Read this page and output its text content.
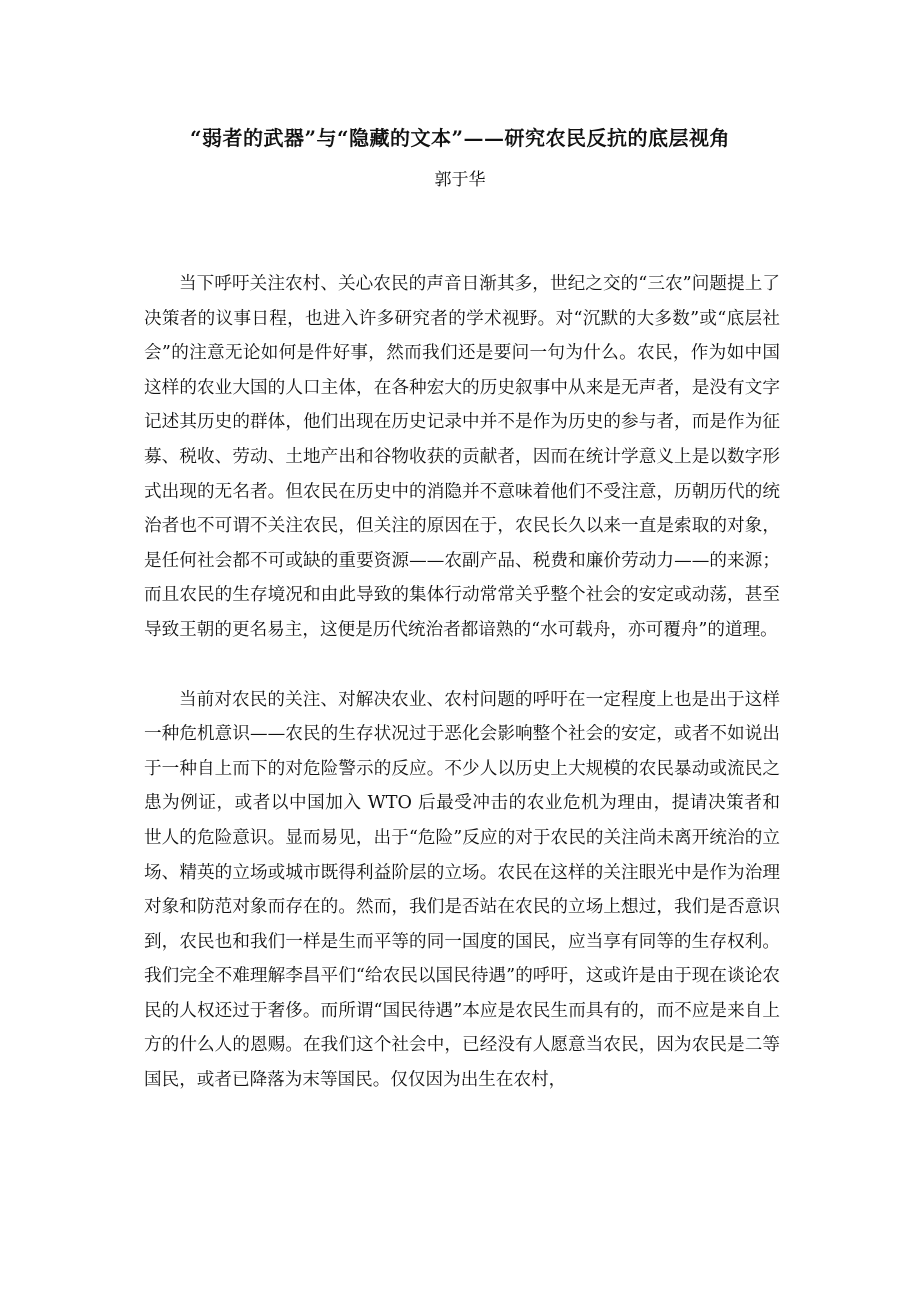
“弱者的武器”与“隐藏的文本”——研究农民反抗的底层视角
郭于华

当下呼吁关注农村、关心农民的声音日渐其多，世纪之交的“三农”问题提上了决策者的议事日程，也进入许多研究者的学术视野。对“沉默的大多数”或“底层社会”的注意无论如何是件好事，然而我们还是要问一句为什么。农民，作为如中国这样的农业大国的人口主体，在各种宏大的历史叙事中从来是无声者，是没有文字记述其历史的群体，他们出现在历史记录中并不是作为历史的参与者，而是作为征募、税收、劳动、土地产出和谷物收获的贡献者，因而在统计学意义上是以数字形式出现的无名者。但农民在历史中的消隐并不意味着他们不受注意，历朝历代的统治者也不可谓不关注农民，但关注的原因在于，农民长久以来一直是索取的对象，是任何社会都不可或缺的重要资源——农副产品、税费和廉价劳动力——的来源；而且农民的生存境况和由此导致的集体行动常常关乎整个社会的安定或动荡，甚至导致王朝的更名易主，这便是历代统治者都谙熟的“水可载舟，亦可覆舟”的道理。

当前对农民的关注、对解决农业、农村问题的呼吁在一定程度上也是出于这样一种危机意识——农民的生存状况过于恶化会影响整个社会的安定，或者不如说出于一种自上而下的对危险警示的反应。不少人以历史上大规模的农民暴动或流民之患为例证，或者以中国加入 WTO 后最受冲击的农业危机为理由，提请决策者和世人的危险意识。显而易见，出于“危险”反应的对于农民的关注尚未离开统治的立场、精英的立场或城市既得利益阶层的立场。农民在这样的关注眼光中是作为治理对象和防范对象而存在的。然而，我们是否站在农民的立场上想过，我们是否意识到，农民也和我们一样是生而平等的同一国度的国民，应当享有同等的生存权利。我们完全不难理解李昌平们“给农民以国民待遇”的呼吁，这或许是由于现在谈论农民的人权还过于奢侈。而所谓“国民待遇”本应是农民生而具有的，而不应是来自上方的什么人的恩赐。在我们这个社会中，已经没有人愿意当农民，因为农民是二等国民，或者已降落为末等国民。仅仅因为出生在农村，
